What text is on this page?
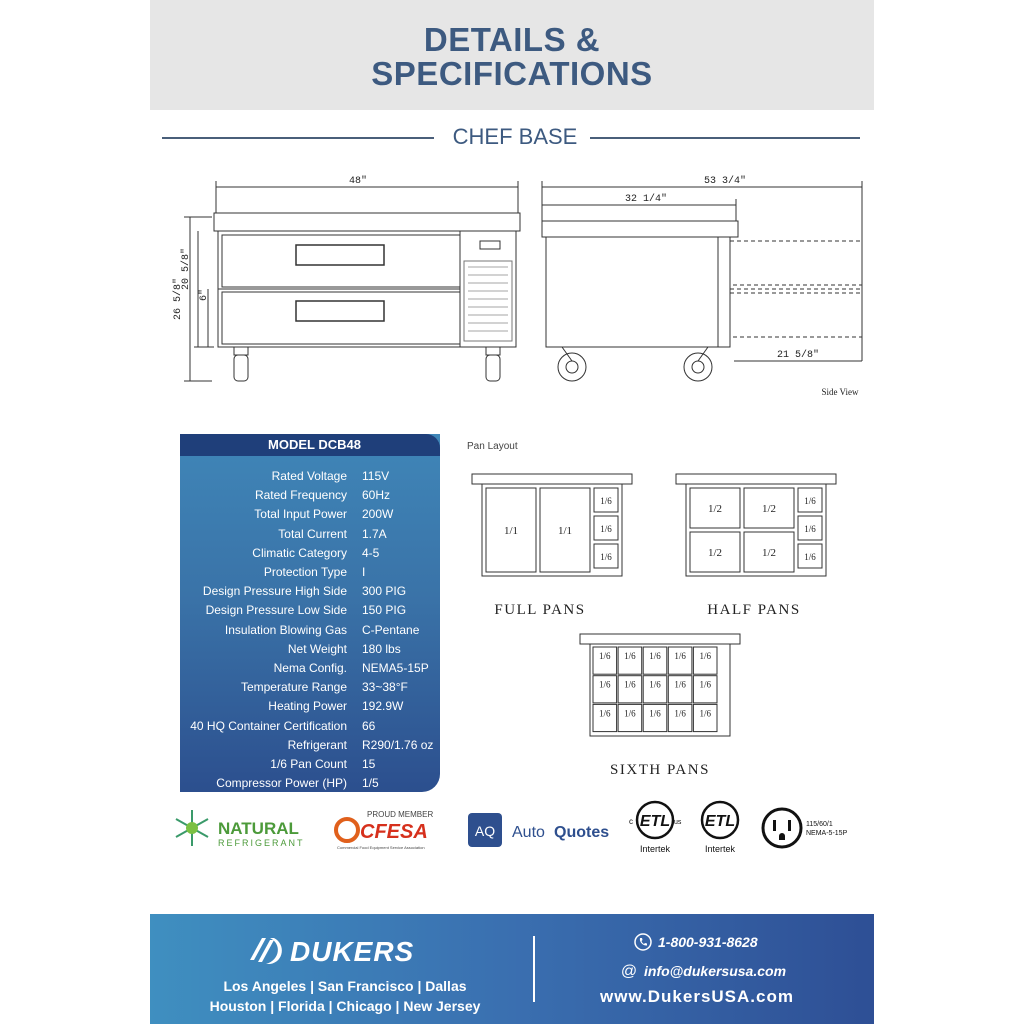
DETAILS &
SPECIFICATIONS
CHEF BASE
48"	53 3/4"
32 1/4"
21 5/8"
Side View
26 5/8"
20 5/8"
6"
MODEL DCB48
Rated Voltage 115V
Rated Frequency 60Hz
Total Input Power 200W
Total Current 1.7A
Climatic Category 4-5
Protection Type I
Design Pressure High Side 300 PIG
Design Pressure Low Side 150 PIG
Insulation Blowing Gas C-Pentane
Net Weight 180 lbs
Nema Config. NEMA5-15P
Temperature Range 33~38°F
Heating Power 192.9W
40 HQ Container Certification 66
Refrigerant R290/1.76 oz
1/6 Pan Count 15
Compressor Power (HP) 1/5
Pan Layout
1/1	1/1
1/6
1/6
1/6
1/2	1/2
1/2	1/2
1/6
1/6
1/6
FULL PANS	HALF PANS
SIXTH PANS
1/6 1/6 1/6 1/6 1/6
1/6 1/6 1/6 1/6 1/6
1/6 1/6 1/6 1/6 1/6
NATURAL
REFRIGERANT
PROUD MEMBER
CFESA
Commercial Food Equipment Service Association
AQ Auto Quotes
ETL
c	us
Intertek
ETL
Intertek
115/60/1
NEMA-5-15P
DUKERS
Los Angeles | San Francisco | Dallas
Houston | Florida | Chicago | New Jersey
1-800-931-8628
@ info@dukersusa.com
www.DukersUSA.com
